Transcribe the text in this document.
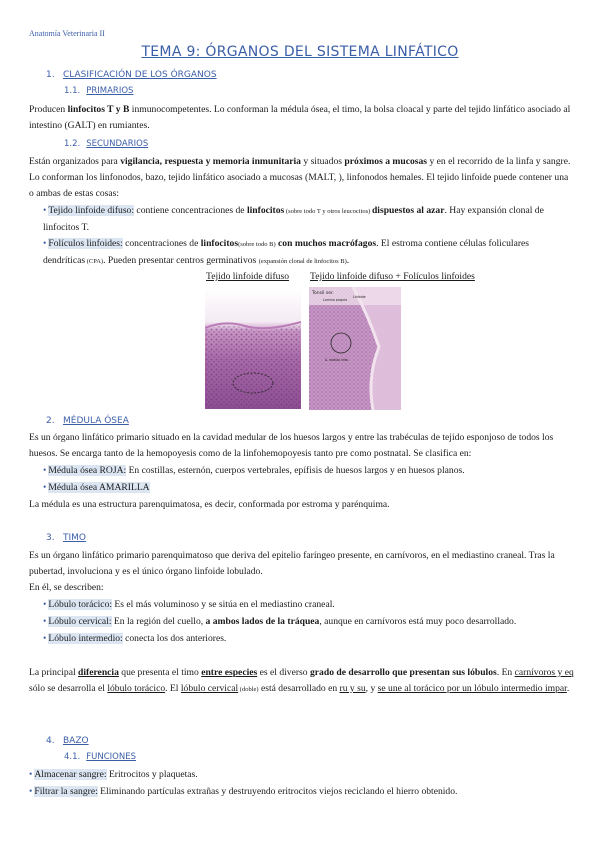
Anatomía Veterinaria II
TEMA 9: ÓRGANOS DEL SISTEMA LINFÁTICO
1. CLASIFICACIÓN DE LOS ÓRGANOS
1.1. PRIMARIOS
Producen linfocitos T y B inmunocompetentes. Lo conforman la médula ósea, el timo, la bolsa cloacal y parte del tejido linfático asociado al intestino (GALT) en rumiantes.
1.2. SECUNDARIOS
Están organizados para vigilancia, respuesta y memoria inmunitaria y situados próximos a mucosas y en el recorrido de la linfa y sangre. Lo conforman los linfonodos, bazo, tejido linfático asociado a mucosas (MALT, ), linfonodos hemales. El tejido linfoide puede contener una o ambas de estas cosas:
• Tejido linfoide difuso: contiene concentraciones de linfocitos (sobre todo T y otros leucocitos) dispuestos al azar. Hay expansión clonal de linfocitos T.
• Folículos linfoides: concentraciones de linfocitos(sobre todo B) con muchos macrófagos. El estroma contiene células foliculares dendríticas (CPA). Pueden presentar centros germinativos (expansión clonal de linfocitos B).
Tejido linfoide difuso Tejido linfoide difuso + Folículos linfoides
Tonsil ser.
Lamina propria
Linfoide
A. nodulo linfo.
2. MÉDULA ÓSEA
Es un órgano linfático primario situado en la cavidad medular de los huesos largos y entre las trabéculas de tejido esponjoso de todos los huesos. Se encarga tanto de la hemopoyesis como de la linfohemopoyesis tanto pre como postnatal. Se clasifica en:
• Médula ósea ROJA: En costillas, esternón, cuerpos vertebrales, epífisis de huesos largos y en huesos planos.
• Médula ósea AMARILLA
La médula es una estructura parenquimatosa, es decir, conformada por estroma y parénquima.
3. TIMO
Es un órgano linfático primario parenquimatoso que deriva del epitelio faríngeo presente, en carnívoros, en el mediastino craneal. Tras la pubertad, involuciona y es el único órgano linfoide lobulado.
En él, se describen:
• Lóbulo torácico: Es el más voluminoso y se sitúa en el mediastino craneal.
• Lóbulo cervical: En la región del cuello, a ambos lados de la tráquea, aunque en carnívoros está muy poco desarrollado.
• Lóbulo intermedio: conecta los dos anteriores.
La principal diferencia que presenta el timo entre especies es el diverso grado de desarrollo que presentan sus lóbulos. En carnívoros y eq sólo se desarrolla el lóbulo torácico. El lóbulo cervical (doble) está desarrollado en ru y su, y se une al torácico por un lóbulo intermedio impar.
4. BAZO
4.1. FUNCIONES
• Almacenar sangre: Eritrocitos y plaquetas.
• Filtrar la sangre: Eliminando partículas extrañas y destruyendo eritrocitos viejos reciclando el hierro obtenido.
